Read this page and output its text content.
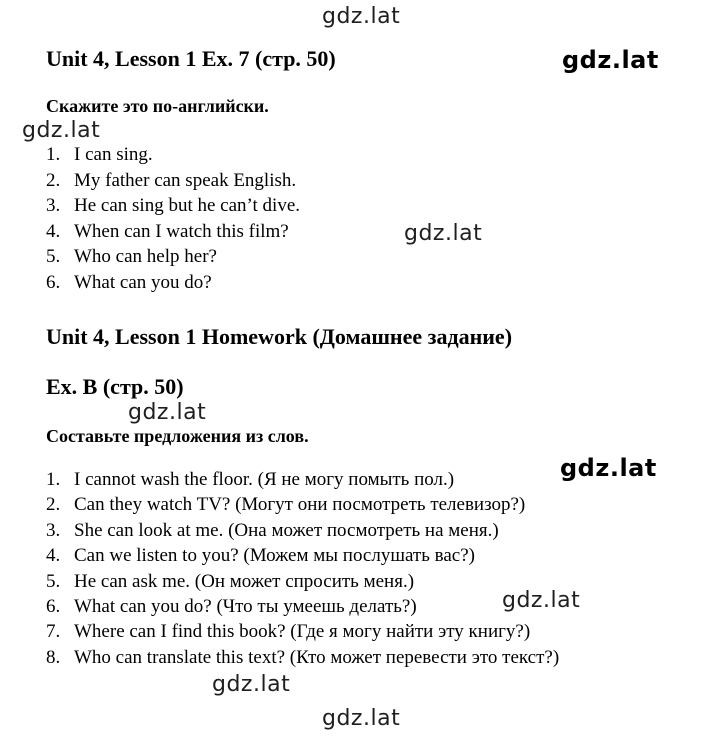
Unit 4, Lesson 1 Ex. 7 (стр. 50)

Скажите это по-английски.

1. I can sing.
2. My father can speak English.
3. He can sing but he can’t dive.
4. When can I watch this film?
5. Who can help her?
6. What can you do?
Unit 4, Lesson 1 Homework (Домашнее задание)
Ex. B (стр. 50)

Составьте предложения из слов.

1. I cannot wash the floor. (Я не могу помыть пол.)
2. Can they watch TV? (Могут они посмотреть телевизор?)
3. She can look at me. (Она может посмотреть на меня.)
4. Can we listen to you? (Можем мы послушать вас?)
5. He can ask me. (Он может спросить меня.)
6. What can you do? (Что ты умеешь делать?)
7. Where can I find this book? (Где я могу найти эту книгу?)
8. Who can translate this text? (Кто может перевести это текст?)
gdz.lat
gdz.lat
gdz.lat
gdz.lat
gdz.lat
gdz.lat
gdz.lat
gdz.lat
gdz.lat
